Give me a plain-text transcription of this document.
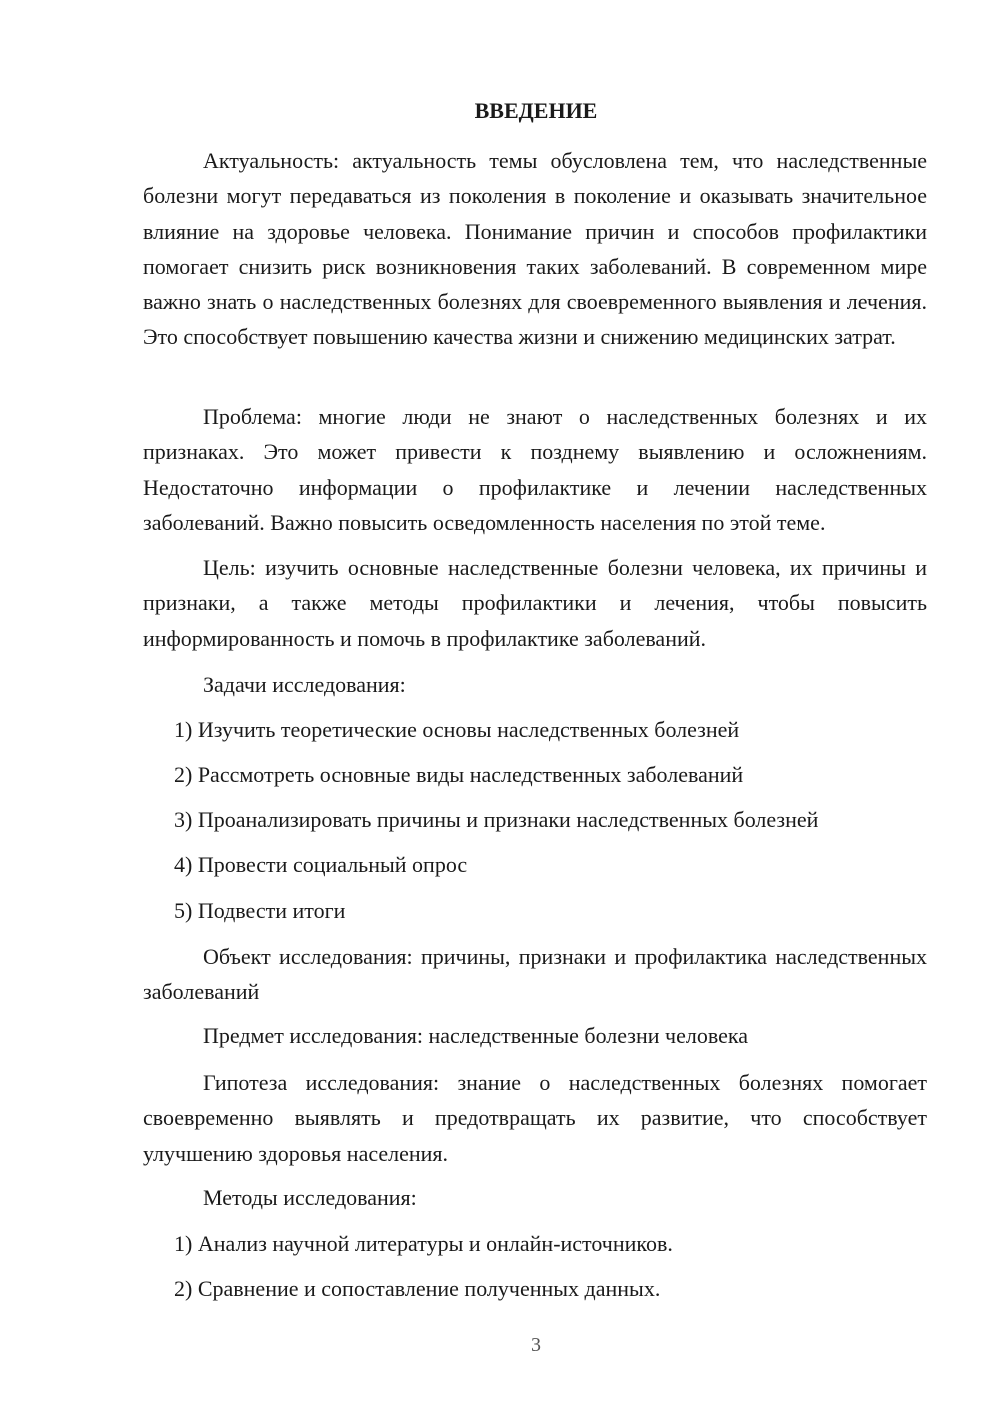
ВВЕДЕНИЕ
Актуальность: актуальность темы обусловлена тем, что наследственные болезни могут передаваться из поколения в поколение и оказывать значительное влияние на здоровье человека. Понимание причин и способов профилактики помогает снизить риск возникновения таких заболеваний. В современном мире важно знать о наследственных болезнях для своевременного выявления и лечения. Это способствует повышению качества жизни и снижению медицинских затрат.
Проблема: многие люди не знают о наследственных болезнях и их признаках. Это может привести к позднему выявлению и осложнениям. Недостаточно информации о профилактике и лечении наследственных заболеваний. Важно повысить осведомленность населения по этой теме.
Цель: изучить основные наследственные болезни человека, их причины и признаки, а также методы профилактики и лечения, чтобы повысить информированность и помочь в профилактике заболеваний.
Задачи исследования:
1) Изучить теоретические основы наследственных болезней
2) Рассмотреть основные виды наследственных заболеваний
3) Проанализировать причины и признаки наследственных болезней
4) Провести социальный опрос
5) Подвести итоги
Объект исследования: причины, признаки и профилактика наследственных заболеваний
Предмет исследования: наследственные болезни человека
Гипотеза исследования: знание о наследственных болезнях помогает своевременно выявлять и предотвращать их развитие, что способствует улучшению здоровья населения.
Методы исследования:
1) Анализ научной литературы и онлайн-источников.
2) Сравнение и сопоставление полученных данных.
3
